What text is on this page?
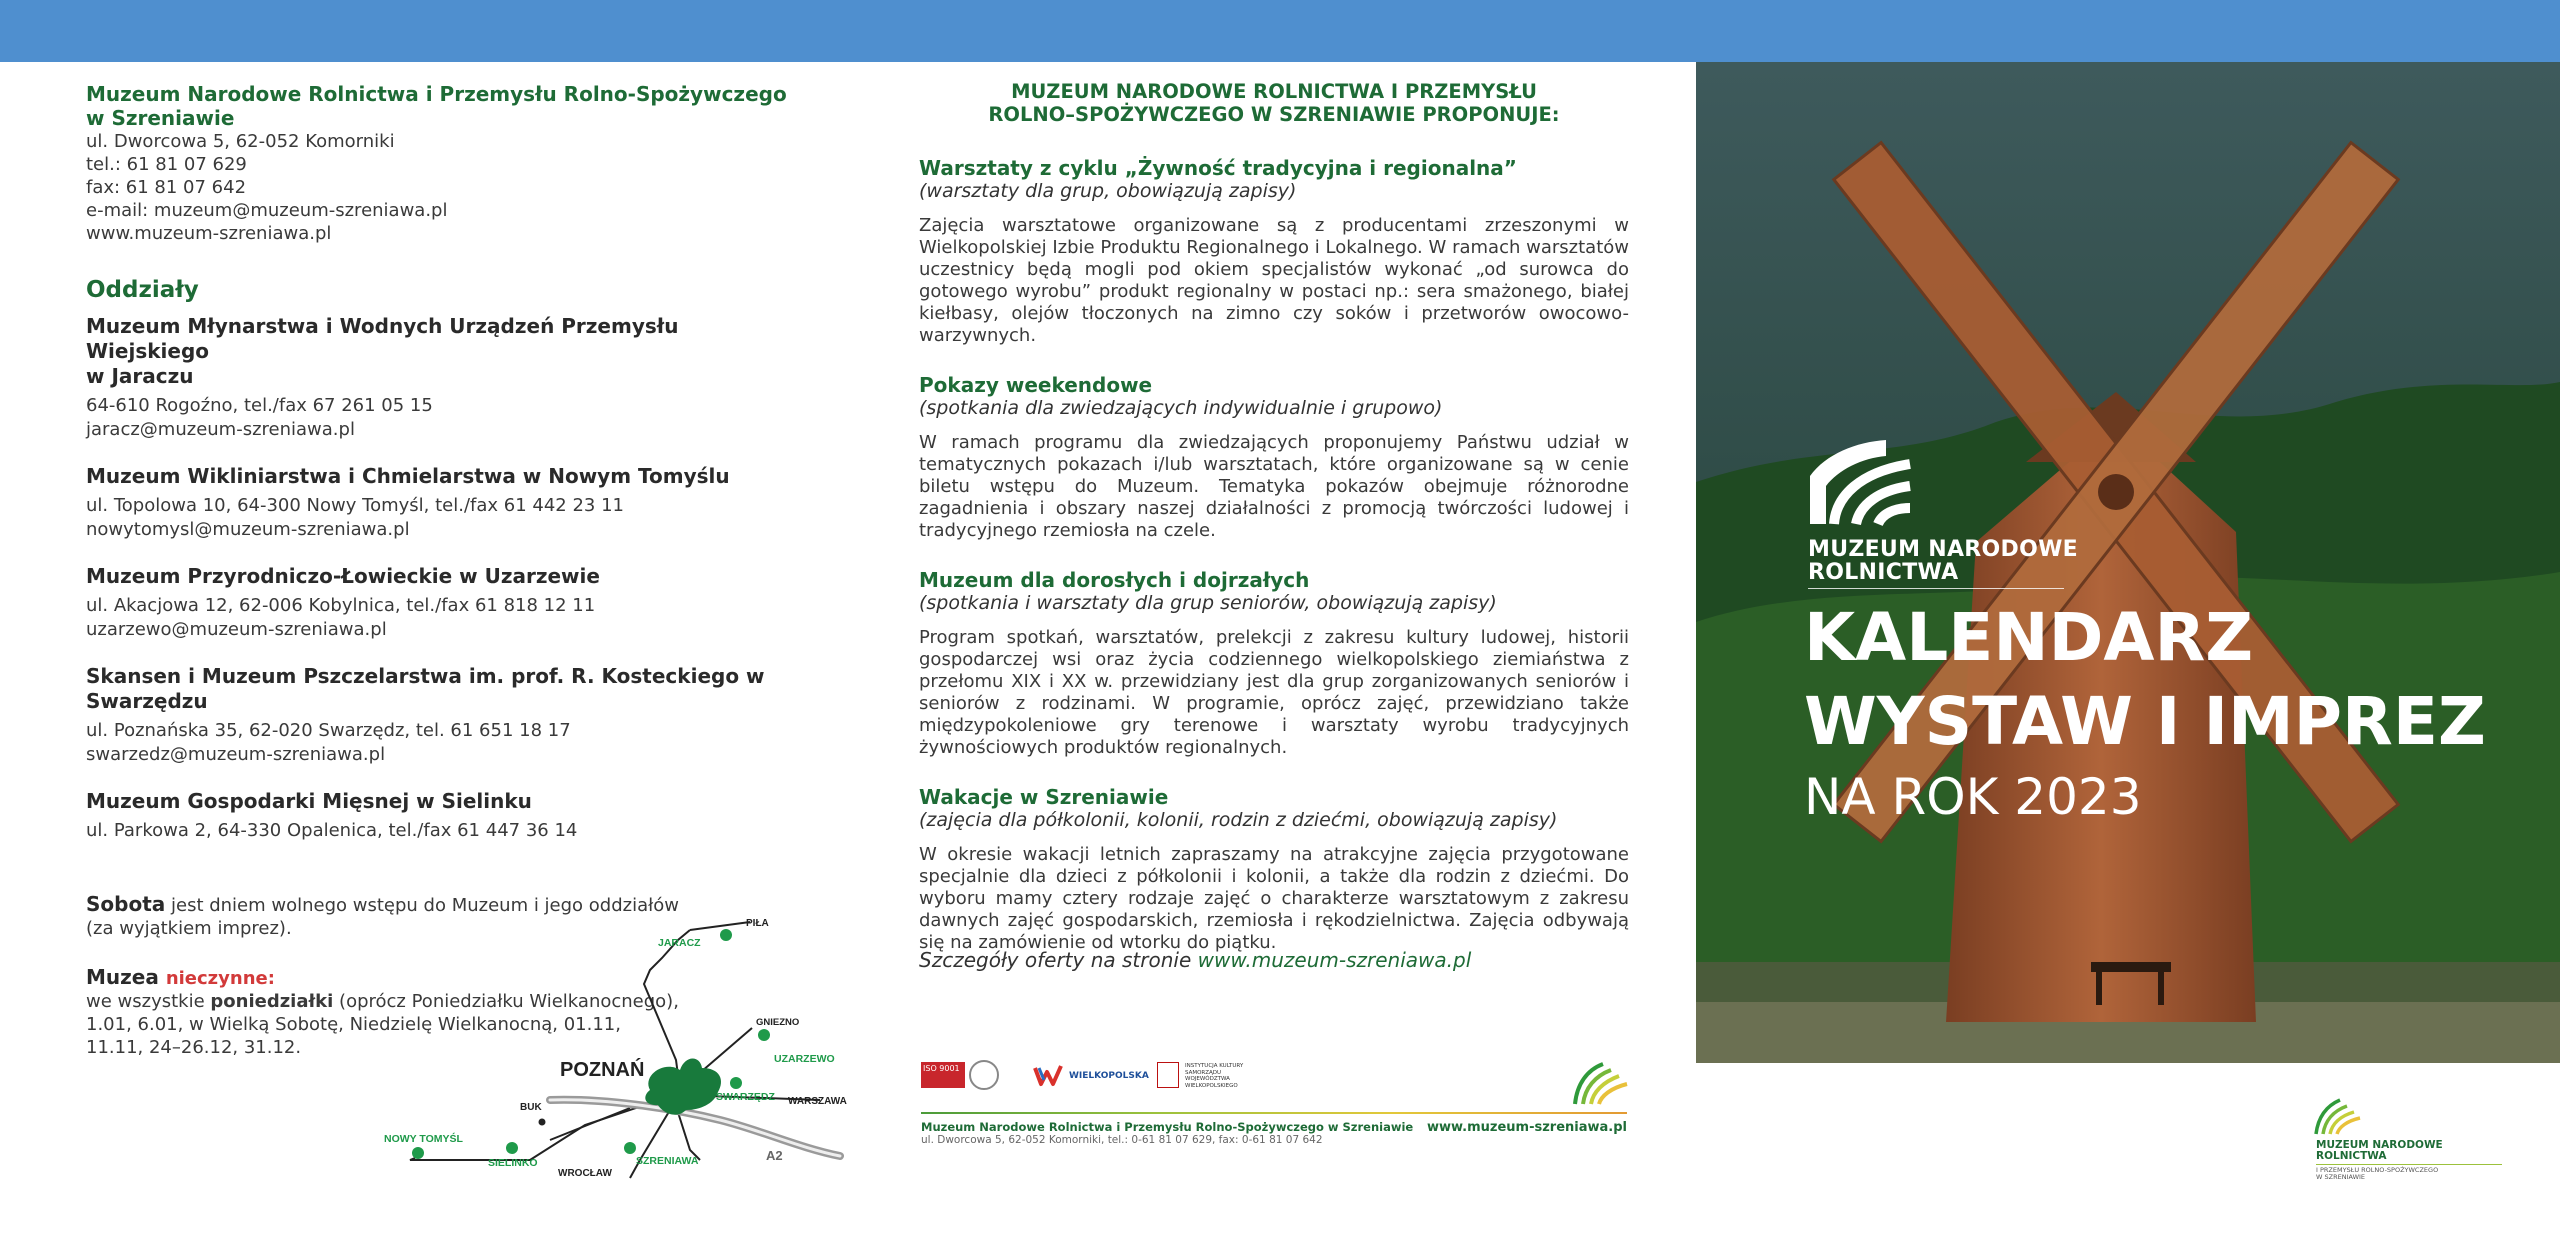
Muzeum Narodowe Rolnictwa i Przemysłu Rolno-Spożywczego
w Szreniawie
ul. Dworcowa 5, 62-052 Komorniki
tel.: 61 81 07 629
fax: 61 81 07 642
e-mail: muzeum@muzeum-szreniawa.pl
www.muzeum-szreniawa.pl
Oddziały
Muzeum Młynarstwa i Wodnych Urządzeń Przemysłu Wiejskiego
w Jaraczu
64-610 Rogoźno, tel./fax 67 261 05 15
jaracz@muzeum-szreniawa.pl
Muzeum Wikliniarstwa i Chmielarstwa w Nowym Tomyślu
ul. Topolowa 10, 64-300 Nowy Tomyśl, tel./fax 61 442 23 11
nowytomysl@muzeum-szreniawa.pl
Muzeum Przyrodniczo-Łowieckie w Uzarzewie
ul. Akacjowa 12, 62-006 Kobylnica, tel./fax 61 818 12 11
uzarzewo@muzeum-szreniawa.pl
Skansen i Muzeum Pszczelarstwa im. prof. R. Kosteckiego w Swarzędzu
ul. Poznańska 35, 62-020 Swarzędz, tel. 61 651 18 17
swarzedz@muzeum-szreniawa.pl
Muzeum Gospodarki Mięsnej w Sielinku
ul. Parkowa 2, 64-330 Opalenica, tel./fax 61 447 36 14
Sobota jest dniem wolnego wstępu do Muzeum i jego oddziałów
(za wyjątkiem imprez).
Muzea nieczynne:
we wszystkie poniedziałki (oprócz Poniedziałku Wielkanocnego),
1.01, 6.01, w Wielką Sobotę, Niedzielę Wielkanocną, 01.11,
11.11, 24–26.12, 31.12.
POZNAŃ
JARACZ
PIŁA
GNIEZNO
UZARZEWO
SWARZĘDZ WARSZAWA
BUK
NOWY TOMYŚL
SIELINKO	SZRENIAWA
WROCŁAW
A2
MUZEUM NARODOWE ROLNICTWA I PRZEMYSŁU
ROLNO–SPOŻYWCZEGO W SZRENIAWIE PROPONUJE:
Warsztaty z cyklu „Żywność tradycyjna i regionalna”
(warsztaty dla grup, obowiązują zapisy)
Zajęcia warsztatowe organizowane są z producentami zrzeszonymi w Wielkopolskiej Izbie Produktu Regionalnego i Lokalnego. W ramach warsztatów uczestnicy będą mogli pod okiem specjalistów wykonać „od surowca do gotowego wyrobu” produkt regionalny w postaci np.: sera smażonego, białej kiełbasy, olejów tłoczonych na zimno czy soków i przetworów owocowo-warzywnych.
Pokazy weekendowe
(spotkania dla zwiedzających indywidualnie i grupowo)
W ramach programu dla zwiedzających proponujemy Państwu udział w tematycznych pokazach i/lub warsztatach, które organizowane są w cenie biletu wstępu do Muzeum. Tematyka pokazów obejmuje różnorodne zagadnienia i obszary naszej działalności z promocją twórczości ludowej i tradycyjnego rzemiosła na czele.
Muzeum dla dorosłych i dojrzałych
(spotkania i warsztaty dla grup seniorów, obowiązują zapisy)
Program spotkań, warsztatów, prelekcji z zakresu kultury ludowej, historii gospodarczej wsi oraz życia codziennego wielkopolskiego ziemiaństwa z przełomu XIX i XX w. przewidziany jest dla grup zorganizowanych seniorów i seniorów z rodzinami. W programie, oprócz zajęć, przewidziano także międzypokoleniowe gry terenowe i warsztaty wyrobu tradycyjnych żywnościowych produktów regionalnych.
Wakacje w Szreniawie
(zajęcia dla półkolonii, kolonii, rodzin z dziećmi, obowiązują zapisy)
W okresie wakacji letnich zapraszamy na atrakcyjne zajęcia przygotowane specjalnie dla dzieci z półkolonii i kolonii, a także dla rodzin z dziećmi. Do wyboru mamy cztery rodzaje zajęć o charakterze warsztatowym z zakresu dawnych zajęć gospodarskich, rzemiosła i rękodzielnictwa. Zajęcia odbywają się na zamówienie od wtorku do piątku.
Szczegóły oferty na stronie www.muzeum-szreniawa.pl
ISO 9001
WIELKOPOLSKA
INSTYTUCJA KULTURY SAMORZĄDU WOJEWÓDZTWA WIELKOPOLSKIEGO
Muzeum Narodowe Rolnictwa i Przemysłu Rolno-Spożywczego w Szreniawie
ul. Dworcowa 5, 62-052 Komorniki, tel.: 0-61 81 07 629, fax: 0-61 81 07 642
www.muzeum-szreniawa.pl
MUZEUM NARODOWE
ROLNICTWA
KALENDARZ
WYSTAW I IMPREZ
NA ROK 2023
MUZEUM NARODOWE
ROLNICTWA
I PRZEMYSŁU ROLNO-SPOŻYWCZEGO
W SZRENIAWIE
